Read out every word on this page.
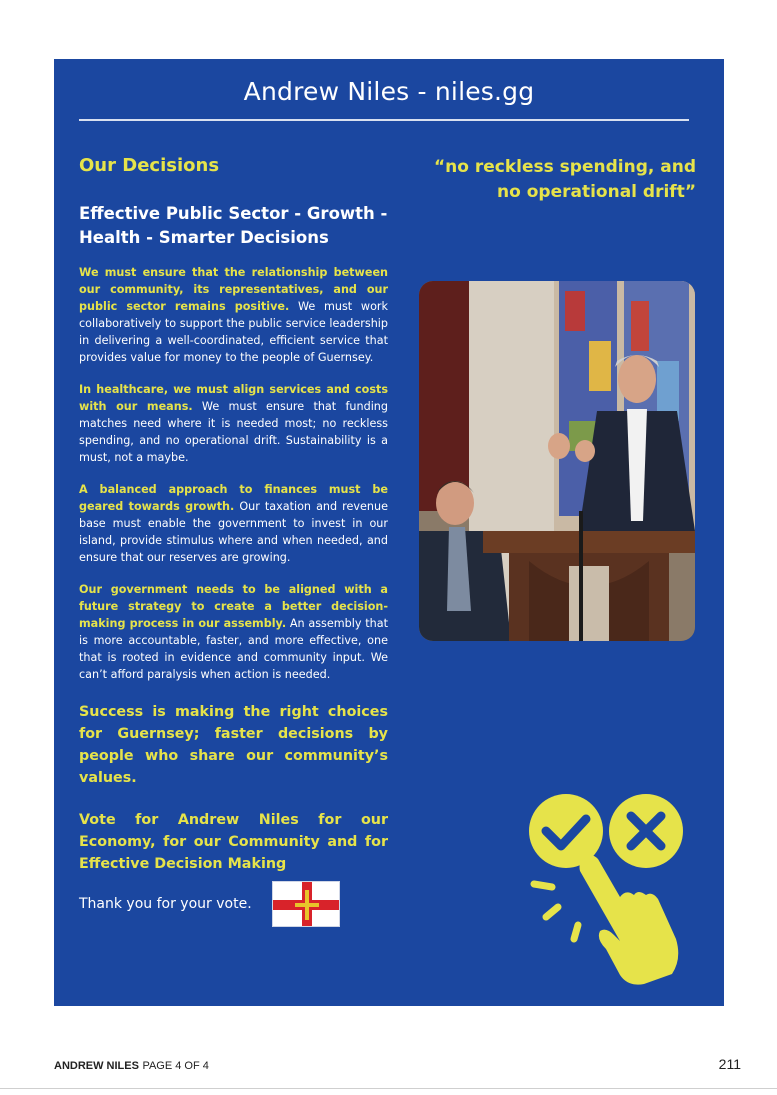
Andrew Niles - niles.gg
Our Decisions
Effective Public Sector - Growth - Health - Smarter Decisions
We must ensure that the relationship between our community, its representatives, and our public sector remains positive. We must work collaboratively to support the public service leadership in delivering a well-coordinated, efficient service that provides value for money to the people of Guernsey.
In healthcare, we must align services and costs with our means. We must ensure that funding matches need where it is needed most; no reckless spending, and no operational drift. Sustainability is a must, not a maybe.
A balanced approach to finances must be geared towards growth. Our taxation and revenue base must enable the government to invest in our island, provide stimulus where and when needed, and ensure that our reserves are growing.
Our government needs to be aligned with a future strategy to create a better decision-making process in our assembly. An assembly that is more accountable, faster, and more effective, one that is rooted in evidence and community input. We can’t afford paralysis when action is needed.
Success is making the right choices for Guernsey; faster decisions by people who share our community’s values.
Vote for Andrew Niles for our Economy, for our Community and for Effective Decision Making
Thank you for your vote.
“no reckless spending, and no operational drift”
ANDREW NILES PAGE 4 OF 4	211
